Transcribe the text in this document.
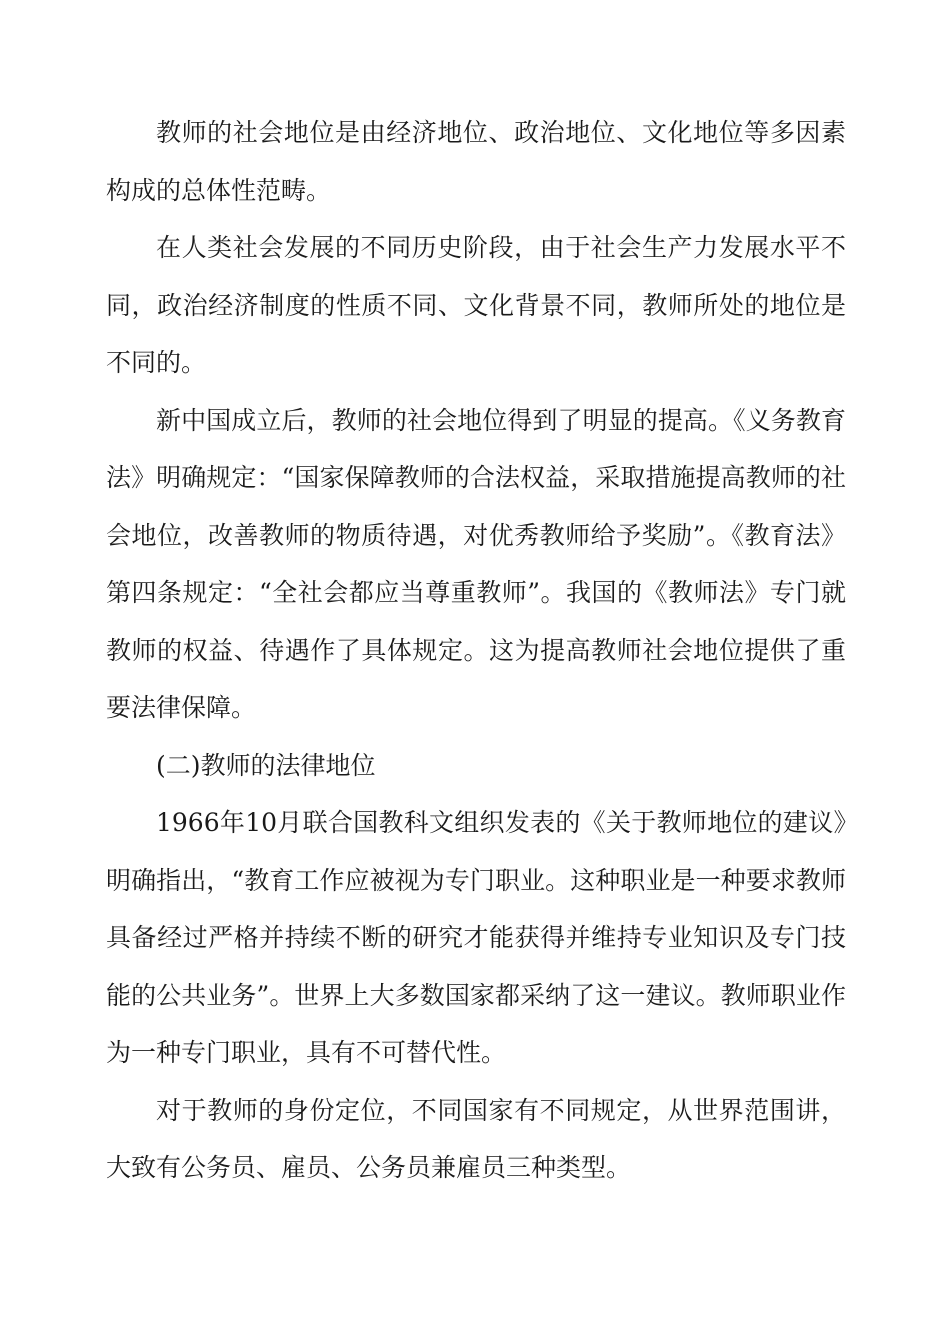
教师的社会地位是由经济地位、政治地位、文化地位等多因素构成的总体性范畴。

在人类社会发展的不同历史阶段，由于社会生产力发展水平不同，政治经济制度的性质不同、文化背景不同，教师所处的地位是不同的。

新中国成立后，教师的社会地位得到了明显的提高。《义务教育法》明确规定：“国家保障教师的合法权益，采取措施提高教师的社会地位，改善教师的物质待遇，对优秀教师给予奖励”。《教育法》第四条规定：“全社会都应当尊重教师”。我国的《教师法》专门就教师的权益、待遇作了具体规定。这为提高教师社会地位提供了重要法律保障。

(二)教师的法律地位

1966年10月联合国教科文组织发表的《关于教师地位的建议》明确指出，“教育工作应被视为专门职业。这种职业是一种要求教师具备经过严格并持续不断的研究才能获得并维持专业知识及专门技能的公共业务”。世界上大多数国家都采纳了这一建议。教师职业作为一种专门职业，具有不可替代性。

对于教师的身份定位，不同国家有不同规定，从世界范围讲，大致有公务员、雇员、公务员兼雇员三种类型。
